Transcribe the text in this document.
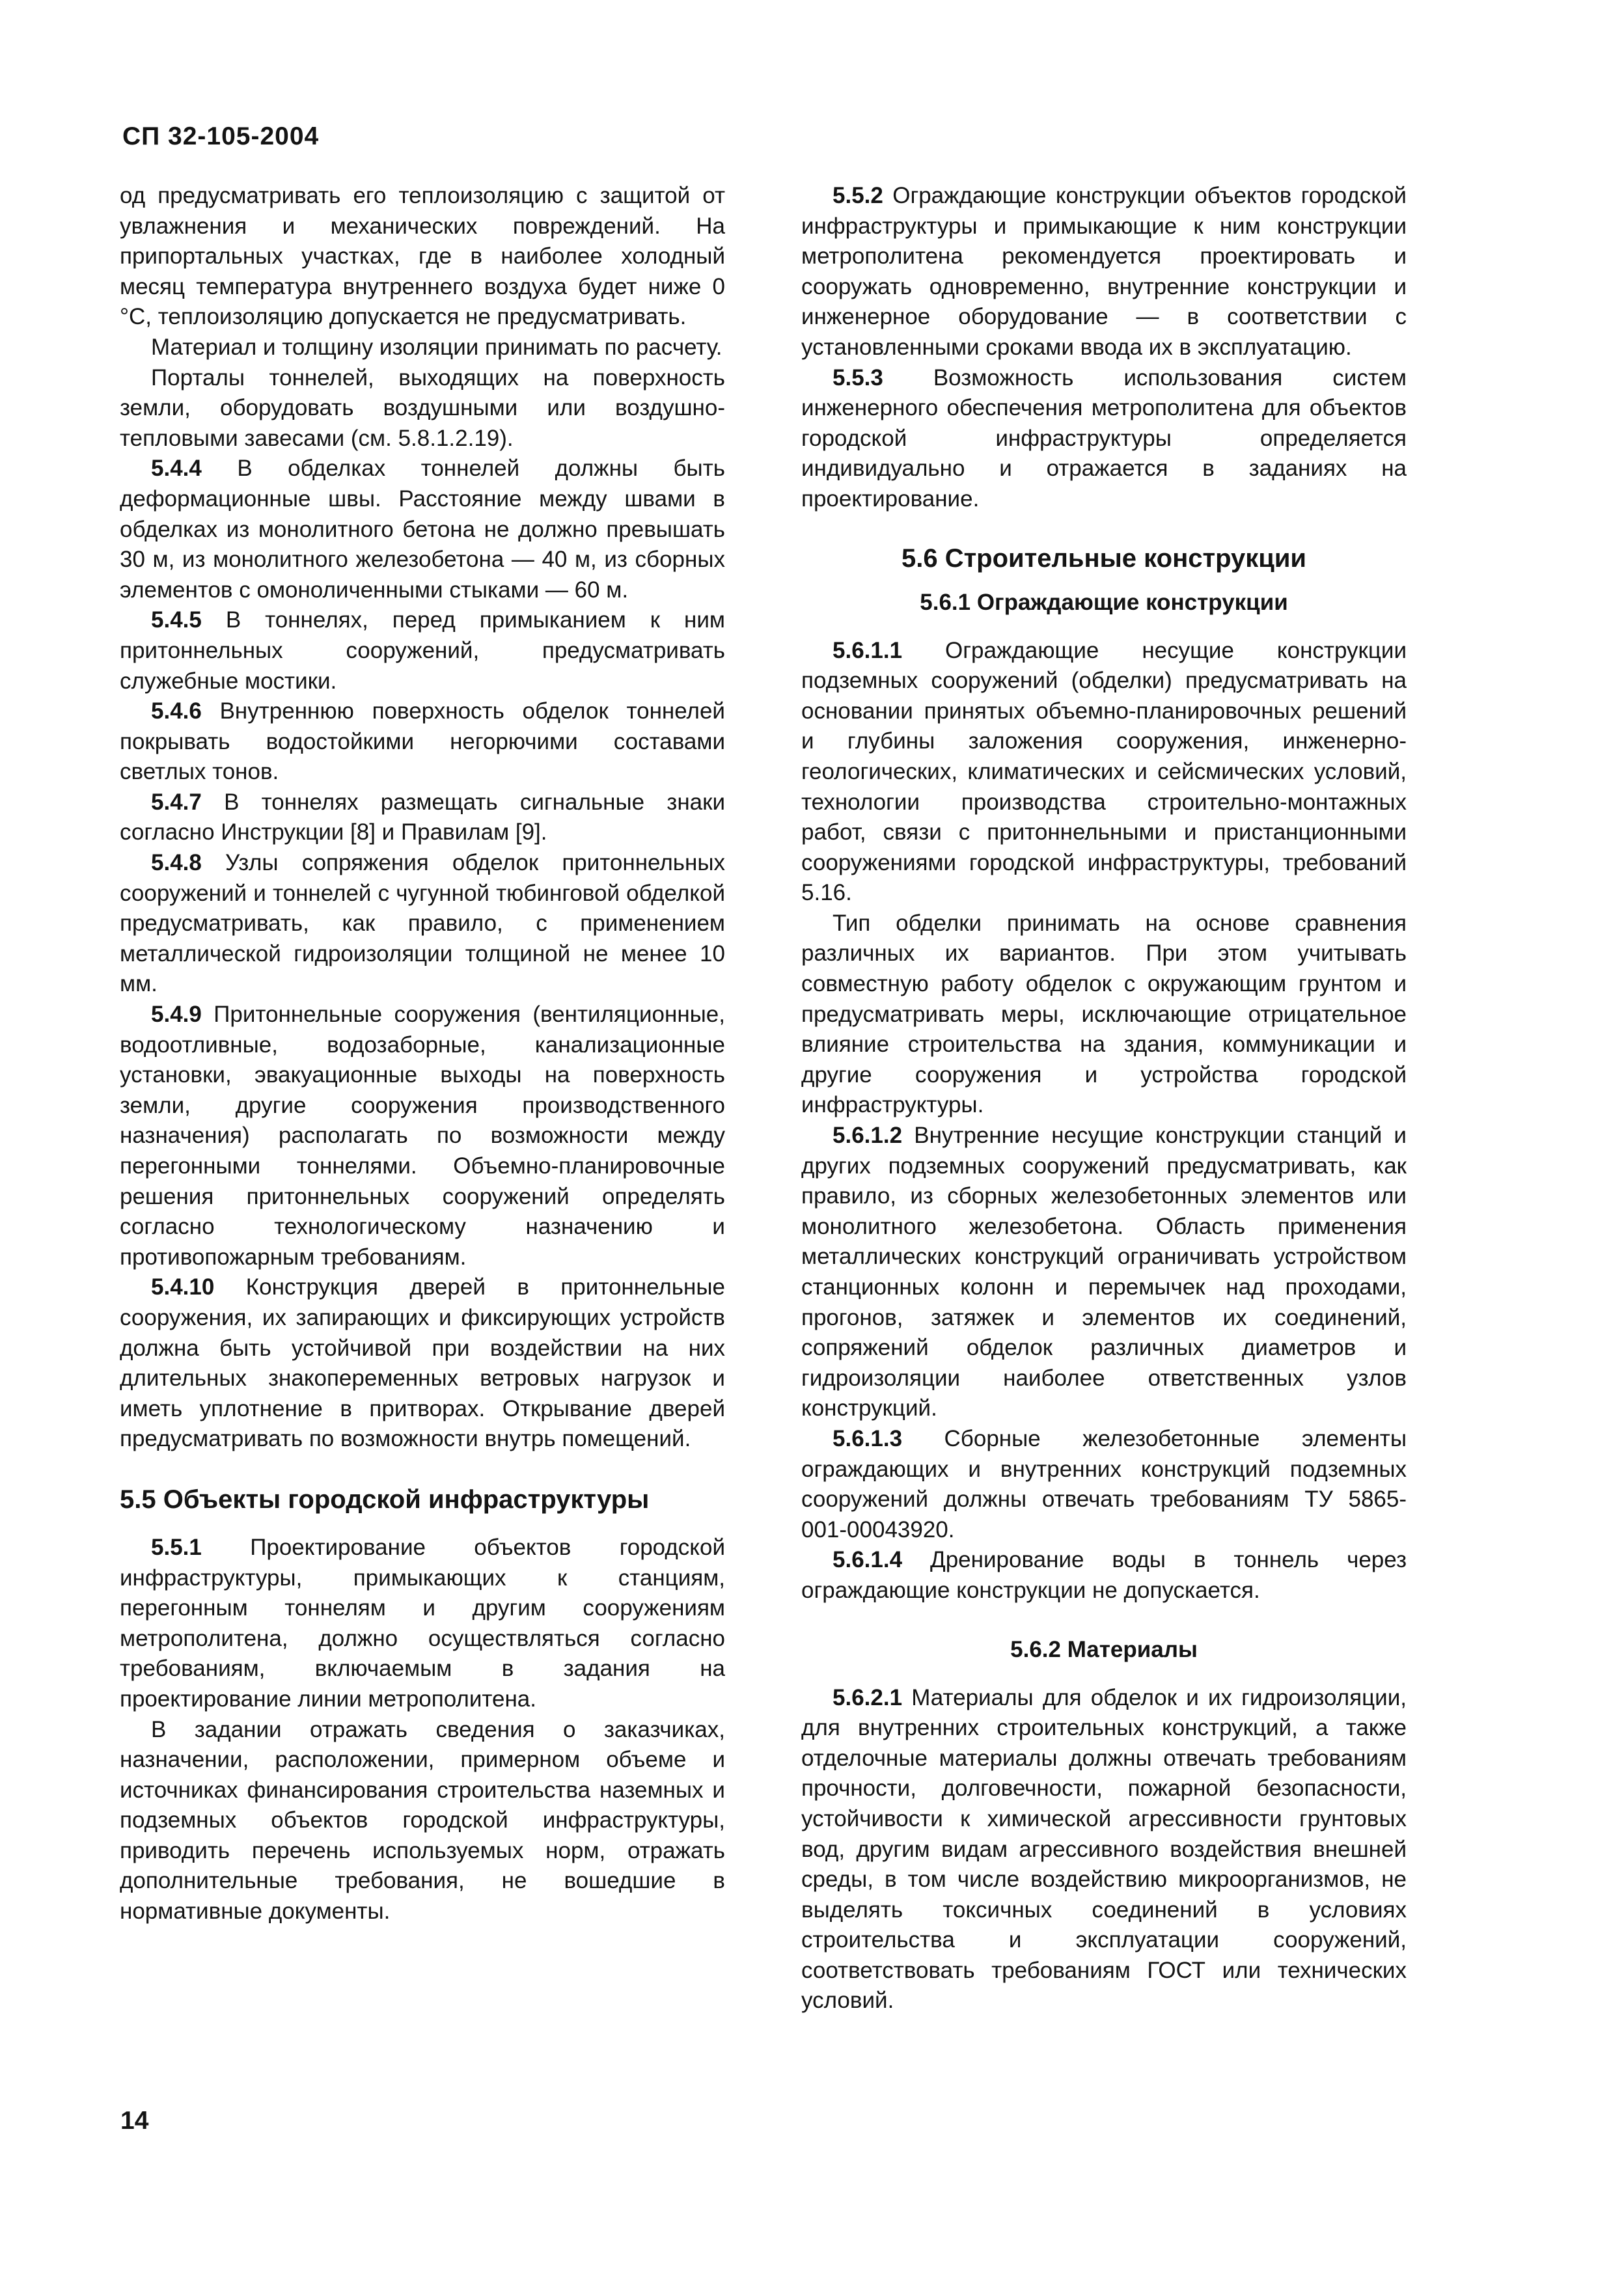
СП 32-105-2004

од предусматривать его теплоизоляцию с защитой от увлажнения и механических повреждений. На припортальных участках, где в наиболее холодный месяц температура внутреннего воздуха будет ниже 0 °С, теплоизоляцию допускается не предусматривать.

Материал и толщину изоляции принимать по расчету.

Порталы тоннелей, выходящих на поверхность земли, оборудовать воздушными или воздушно-тепловыми завесами (см. 5.8.1.2.19).

5.4.4 В обделках тоннелей должны быть деформационные швы. Расстояние между швами в обделках из монолитного бетона не должно превышать 30 м, из монолитного железобетона — 40 м, из сборных элементов с омоноличенными стыками — 60 м.

5.4.5 В тоннелях, перед примыканием к ним притоннельных сооружений, предусматривать служебные мостики.

5.4.6 Внутреннюю поверхность обделок тоннелей покрывать водостойкими негорючими составами светлых тонов.

5.4.7 В тоннелях размещать сигнальные знаки согласно Инструкции [8] и Правилам [9].

5.4.8 Узлы сопряжения обделок притоннельных сооружений и тоннелей с чугунной тюбинговой обделкой предусматривать, как правило, с применением металлической гидроизоляции толщиной не менее 10 мм.

5.4.9 Притоннельные сооружения (вентиляционные, водоотливные, водозаборные, канализационные установки, эвакуационные выходы на поверхность земли, другие сооружения производственного назначения) располагать по возможности между перегонными тоннелями. Объемно-планировочные решения притоннельных сооружений определять согласно технологическому назначению и противопожарным требованиям.

5.4.10 Конструкция дверей в притоннельные сооружения, их запирающих и фиксирующих устройств должна быть устойчивой при воздействии на них длительных знакопеременных ветровых нагрузок и иметь уплотнение в притворах. Открывание дверей предусматривать по возможности внутрь помещений.

5.5 Объекты городской инфраструктуры

5.5.1 Проектирование объектов городской инфраструктуры, примыкающих к станциям, перегонным тоннелям и другим сооружениям метрополитена, должно осуществляться согласно требованиям, включаемым в задания на проектирование линии метрополитена.

В задании отражать сведения о заказчиках, назначении, расположении, примерном объеме и источниках финансирования строительства наземных и подземных объектов городской инфраструктуры, приводить перечень используемых норм, отражать дополнительные требования, не вошедшие в нормативные документы.

5.5.2 Ограждающие конструкции объектов городской инфраструктуры и примыкающие к ним конструкции метрополитена рекомендуется проектировать и сооружать одновременно, внутренние конструкции и инженерное оборудование — в соответствии с установленными сроками ввода их в эксплуатацию.

5.5.3 Возможность использования систем инженерного обеспечения метрополитена для объектов городской инфраструктуры определяется индивидуально и отражается в заданиях на проектирование.

5.6 Строительные конструкции
5.6.1 Ограждающие конструкции

5.6.1.1 Ограждающие несущие конструкции подземных сооружений (обделки) предусматривать на основании принятых объемно-планировочных решений и глубины заложения сооружения, инженерно-геологических, климатических и сейсмических условий, технологии производства строительно-монтажных работ, связи с притоннельными и пристанционными сооружениями городской инфраструктуры, требований 5.16.

Тип обделки принимать на основе сравнения различных их вариантов. При этом учитывать совместную работу обделок с окружающим грунтом и предусматривать меры, исключающие отрицательное влияние строительства на здания, коммуникации и другие сооружения и устройства городской инфраструктуры.

5.6.1.2 Внутренние несущие конструкции станций и других подземных сооружений предусматривать, как правило, из сборных железобетонных элементов или монолитного железобетона. Область применения металлических конструкций ограничивать устройством станционных колонн и перемычек над проходами, прогонов, затяжек и элементов их соединений, сопряжений обделок различных диаметров и гидроизоляции наиболее ответственных узлов конструкций.

5.6.1.3 Сборные железобетонные элементы ограждающих и внутренних конструкций подземных сооружений должны отвечать требованиям ТУ 5865-001-00043920.

5.6.1.4 Дренирование воды в тоннель через ограждающие конструкции не допускается.

5.6.2 Материалы

5.6.2.1 Материалы для обделок и их гидроизоляции, для внутренних строительных конструкций, а также отделочные материалы должны отвечать требованиям прочности, долговечности, пожарной безопасности, устойчивости к химической агрессивности грунтовых вод, другим видам агрессивного воздействия внешней среды, в том числе воздействию микроорганизмов, не выделять токсичных соединений в условиях строительства и эксплуатации сооружений, соответствовать требованиям ГОСТ или технических условий.

14
